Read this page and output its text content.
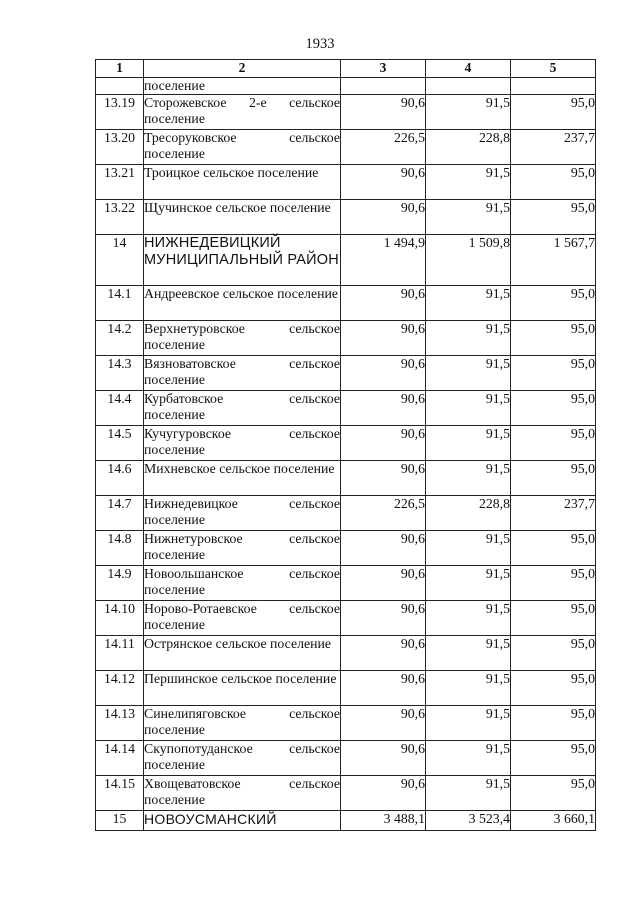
1933
1	2	3	4	5
	поселение			
13.19	Сторожевское 2-е сельское поселение	90,6	91,5	95,0
13.20	Тресоруковское сельское поселение	226,5	228,8	237,7
13.21	Троицкое сельское поселение	90,6	91,5	95,0
13.22	Щучинское сельское поселение	90,6	91,5	95,0
14	НИЖНЕДЕВИЦКИЙ МУНИЦИПАЛЬНЫЙ РАЙОН	1 494,9	1 509,8	1 567,7
14.1	Андреевское сельское поселение	90,6	91,5	95,0
14.2	Верхнетуровское сельское поселение	90,6	91,5	95,0
14.3	Вязноватовское сельское поселение	90,6	91,5	95,0
14.4	Курбатовское сельское поселение	90,6	91,5	95,0
14.5	Кучугуровское сельское поселение	90,6	91,5	95,0
14.6	Михневское сельское поселение	90,6	91,5	95,0
14.7	Нижнедевицкое сельское поселение	226,5	228,8	237,7
14.8	Нижнетуровское сельское поселение	90,6	91,5	95,0
14.9	Новоольшанское сельское поселение	90,6	91,5	95,0
14.10	Норово-Ротаевское сельское поселение	90,6	91,5	95,0
14.11	Острянское сельское поселение	90,6	91,5	95,0
14.12	Першинское сельское поселение	90,6	91,5	95,0
14.13	Синелипяговское сельское поселение	90,6	91,5	95,0
14.14	Скупопотуданское сельское поселение	90,6	91,5	95,0
14.15	Хвощеватовское сельское поселение	90,6	91,5	95,0
15	НОВОУСМАНСКИЙ	3 488,1	3 523,4	3 660,1
